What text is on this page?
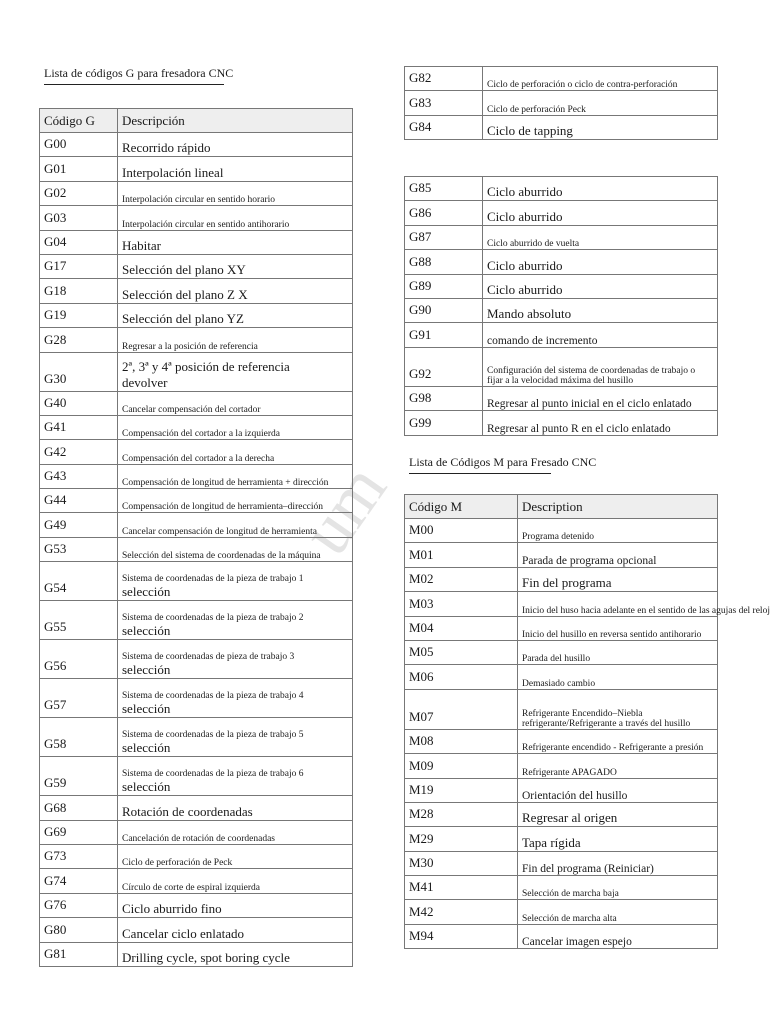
um
Lista de códigos G para fresadora CNC
Código G	Descripción
G00	Recorrido rápido
G01	Interpolación lineal
G02	Interpolación circular en sentido horario
G03	Interpolación circular en sentido antihorario
G04	Habitar
G17	Selección del plano XY
G18	Selección del plano Z X
G19	Selección del plano YZ
G28	Regresar a la posición de referencia
G30	2ª, 3ª y 4ª posición de referencia
devolver

G40	Cancelar compensación del cortador
G41	Compensación del cortador a la izquierda
G42	Compensación del cortador a la derecha
G43	Compensación de longitud de herramienta + dirección
G44	Compensación de longitud de herramienta–dirección
G49	Cancelar compensación de longitud de herramienta
G53	Selección del sistema de coordenadas de la máquina
G54	Sistema de coordenadas de la pieza de trabajo 1
selección

G55	Sistema de coordenadas de la pieza de trabajo 2
selección

G56	Sistema de coordenadas de pieza de trabajo 3
selección

G57	Sistema de coordenadas de la pieza de trabajo 4
selección

G58	Sistema de coordenadas de la pieza de trabajo 5
selección

G59	Sistema de coordenadas de la pieza de trabajo 6
selección

G68	Rotación de coordenadas
G69	Cancelación de rotación de coordenadas
G73	Ciclo de perforación de Peck
G74	Círculo de corte de espiral izquierda
G76	Ciclo aburrido fino
G80	Cancelar ciclo enlatado
G81	Drilling cycle, spot boring cycle
G82	Ciclo de perforación o ciclo de contra-perforación
G83	Ciclo de perforación Peck
G84	Ciclo de tapping
G85	Ciclo aburrido
G86	Ciclo aburrido
G87	Ciclo aburrido de vuelta
G88	Ciclo aburrido
G89	Ciclo aburrido
G90	Mando absoluto
G91	comando de incremento
G92	Configuración del sistema de coordenadas de trabajo o
fijar a la velocidad máxima del husillo

G98	Regresar al punto inicial en el ciclo enlatado
G99	Regresar al punto R en el ciclo enlatado
Lista de Códigos M para Fresado CNC
Código M	Description
M00	Programa detenido
M01	Parada de programa opcional
M02	Fin del programa
M03	Inicio del huso hacia adelante en el sentido de las agujas del reloj
M04	Inicio del husillo en reversa sentido antihorario
M05	Parada del husillo
M06	Demasiado cambio
M07	Refrigerante Encendido–Niebla
refrigerante/Refrigerante a través del husillo

M08	Refrigerante encendido - Refrigerante a presión
M09	Refrigerante APAGADO
M19	Orientación del husillo
M28	Regresar al origen
M29	Tapa rígida
M30	Fin del programa (Reiniciar)
M41	Selección de marcha baja
M42	Selección de marcha alta
M94	Cancelar imagen espejo
